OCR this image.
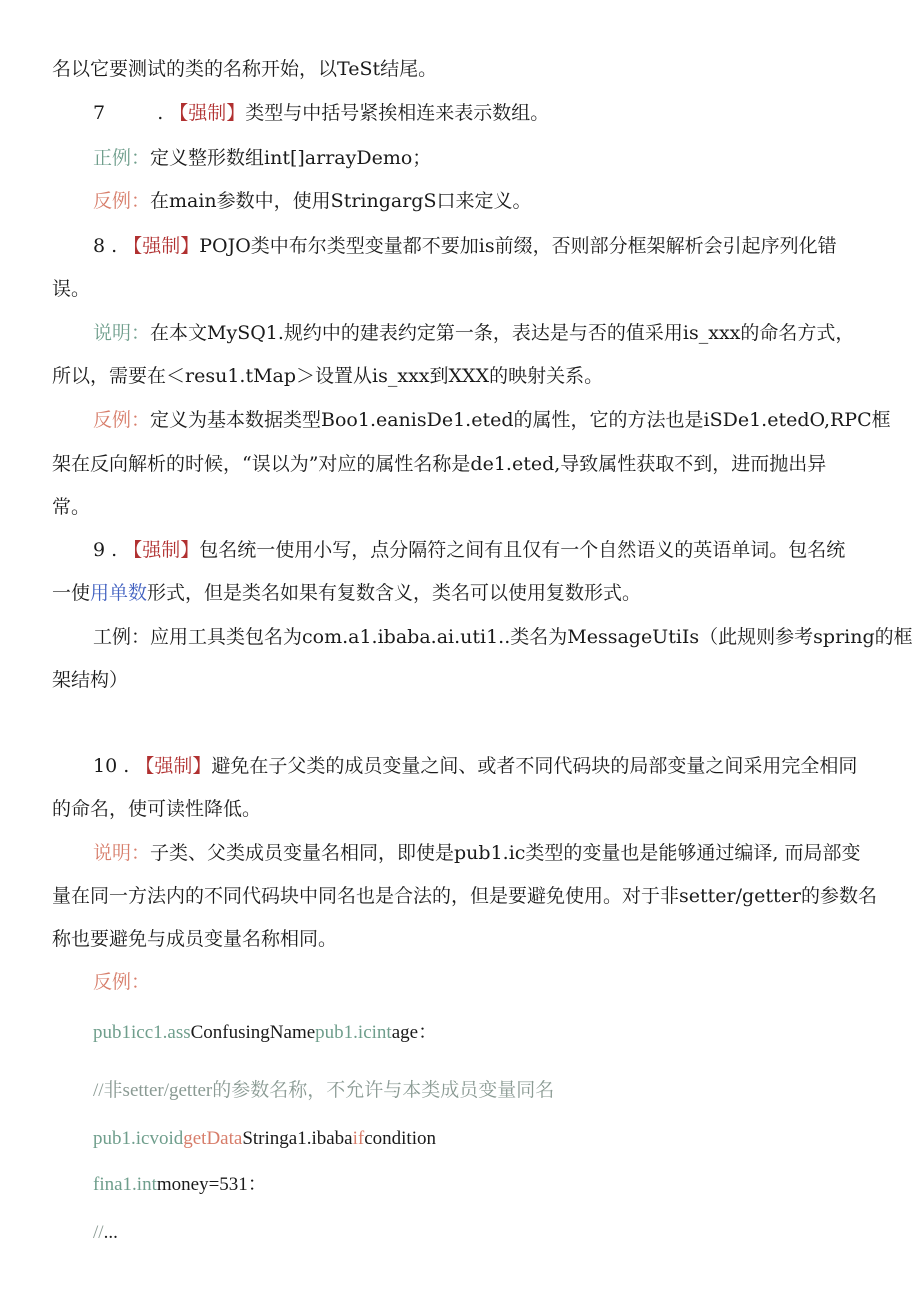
名以它要测试的类的名称开始，以TeSt结尾。
7	. 【强制】类型与中括号紧挨相连来表示数组。
正例：定义整形数组int[]arrayDemo；
反例：在main参数中，使用StringargS口来定义。
8 . 【强制】POJO类中布尔类型变量都不要加is前缀，否则部分框架解析会引起序列化错
误。
说明：在本文MySQ1.规约中的建表约定第一条，表达是与否的值采用is_xxx的命名方式，
所以，需要在＜resu1.tMap＞设置从is_xxx到XXX的映射关系。
反例：定义为基本数据类型Boo1.eanisDe1.eted的属性，它的方法也是iSDe1.etedO,RPC框
架在反向解析的时候，“误以为”对应的属性名称是de1.eted,导致属性获取不到，进而抛出异
常。
9 . 【强制】包名统一使用小写，点分隔符之间有且仅有一个自然语义的英语单词。包名统
一使用单数形式，但是类名如果有复数含义，类名可以使用复数形式。
工例：应用工具类包名为com.a1.ibaba.ai.uti1..类名为MessageUtiIs（此规则参考spring的框
架结构）
10 . 【强制】避免在子父类的成员变量之间、或者不同代码块的局部变量之间采用完全相同
的命名，使可读性降低。
说明：子类、父类成员变量名相同，即使是pub1.ic类型的变量也是能够通过编译, 而局部变
量在同一方法内的不同代码块中同名也是合法的，但是要避免使用。对于非setter/getter的参数名
称也要避免与成员变量名称相同。
反例：
pub1icc1.assConfusingNamepub1.icintage：
//非setter/getter的参数名称，不允许与本类成员变量同名
pub1.icvoidgetDataStringa1.ibabaifcondition
fina1.intmoney=531：
//...
